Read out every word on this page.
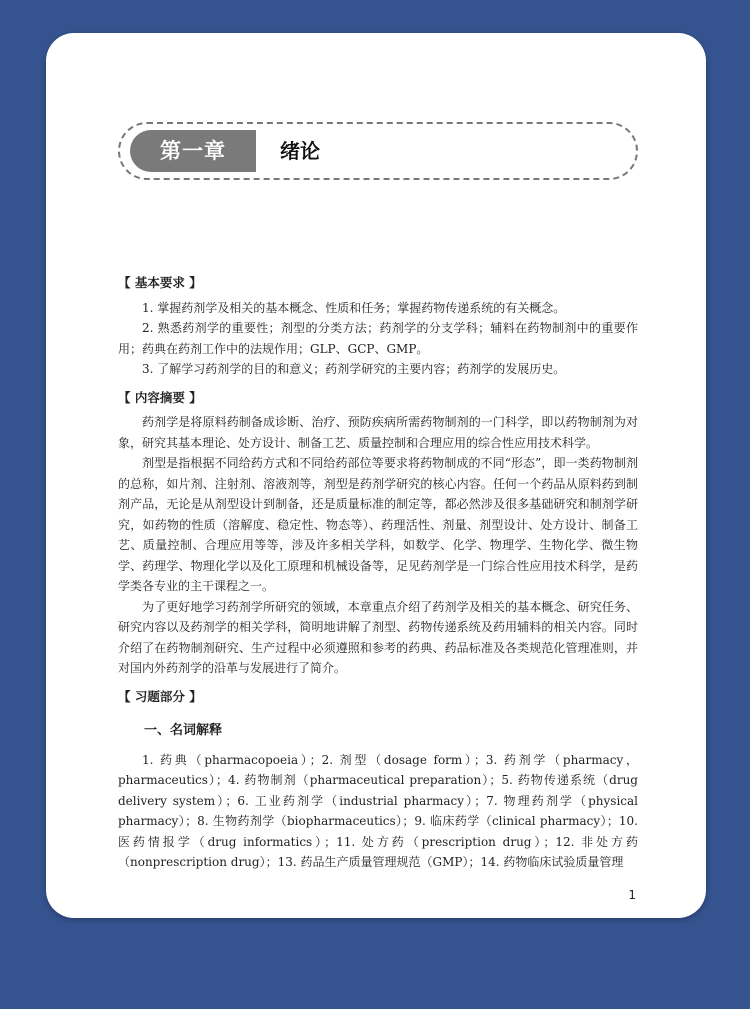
第一章	绪论
【 基本要求 】

1. 掌握药剂学及相关的基本概念、性质和任务；掌握药物传递系统的有关概念。

2. 熟悉药剂学的重要性；剂型的分类方法；药剂学的分支学科；辅料在药物制剂中的重要作用；药典在药剂工作中的法规作用；GLP、GCP、GMP。

3. 了解学习药剂学的目的和意义；药剂学研究的主要内容；药剂学的发展历史。

【 内容摘要 】

药剂学是将原料药制备成诊断、治疗、预防疾病所需药物制剂的一门科学，即以药物制剂为对象，研究其基本理论、处方设计、制备工艺、质量控制和合理应用的综合性应用技术科学。

剂型是指根据不同给药方式和不同给药部位等要求将药物制成的不同“形态”，即一类药物制剂的总称，如片剂、注射剂、溶液剂等，剂型是药剂学研究的核心内容。任何一个药品从原料药到制剂产品，无论是从剂型设计到制备，还是质量标准的制定等，都必然涉及很多基础研究和制剂学研究，如药物的性质（溶解度、稳定性、物态等）、药理活性、剂量、剂型设计、处方设计、制备工艺、质量控制、合理应用等等，涉及许多相关学科，如数学、化学、物理学、生物化学、微生物学、药理学、物理化学以及化工原理和机械设备等，足见药剂学是一门综合性应用技术科学，是药学类各专业的主干课程之一。

为了更好地学习药剂学所研究的领域，本章重点介绍了药剂学及相关的基本概念、研究任务、研究内容以及药剂学的相关学科，简明地讲解了剂型、药物传递系统及药用辅料的相关内容。同时介绍了在药物制剂研究、生产过程中必须遵照和参考的药典、药品标准及各类规范化管理准则，并对国内外药剂学的沿革与发展进行了简介。

【 习题部分 】
一、名词解释

1. 药典（pharmacopoeia）；2. 剂型（dosage form）；3. 药剂学（pharmacy，pharmaceutics）；4. 药物制剂（pharmaceutical preparation）；5. 药物传递系统（drug delivery system）；6. 工业药剂学（industrial pharmacy）；7. 物理药剂学（physical pharmacy）；8. 生物药剂学（biopharmaceutics）；9. 临床药学（clinical pharmacy）；10. 医药情报学（drug informatics）；11. 处方药（prescription drug）；12. 非处方药（nonprescription drug）；13. 药品生产质量管理规范（GMP）；14. 药物临床试验质量管理

1
